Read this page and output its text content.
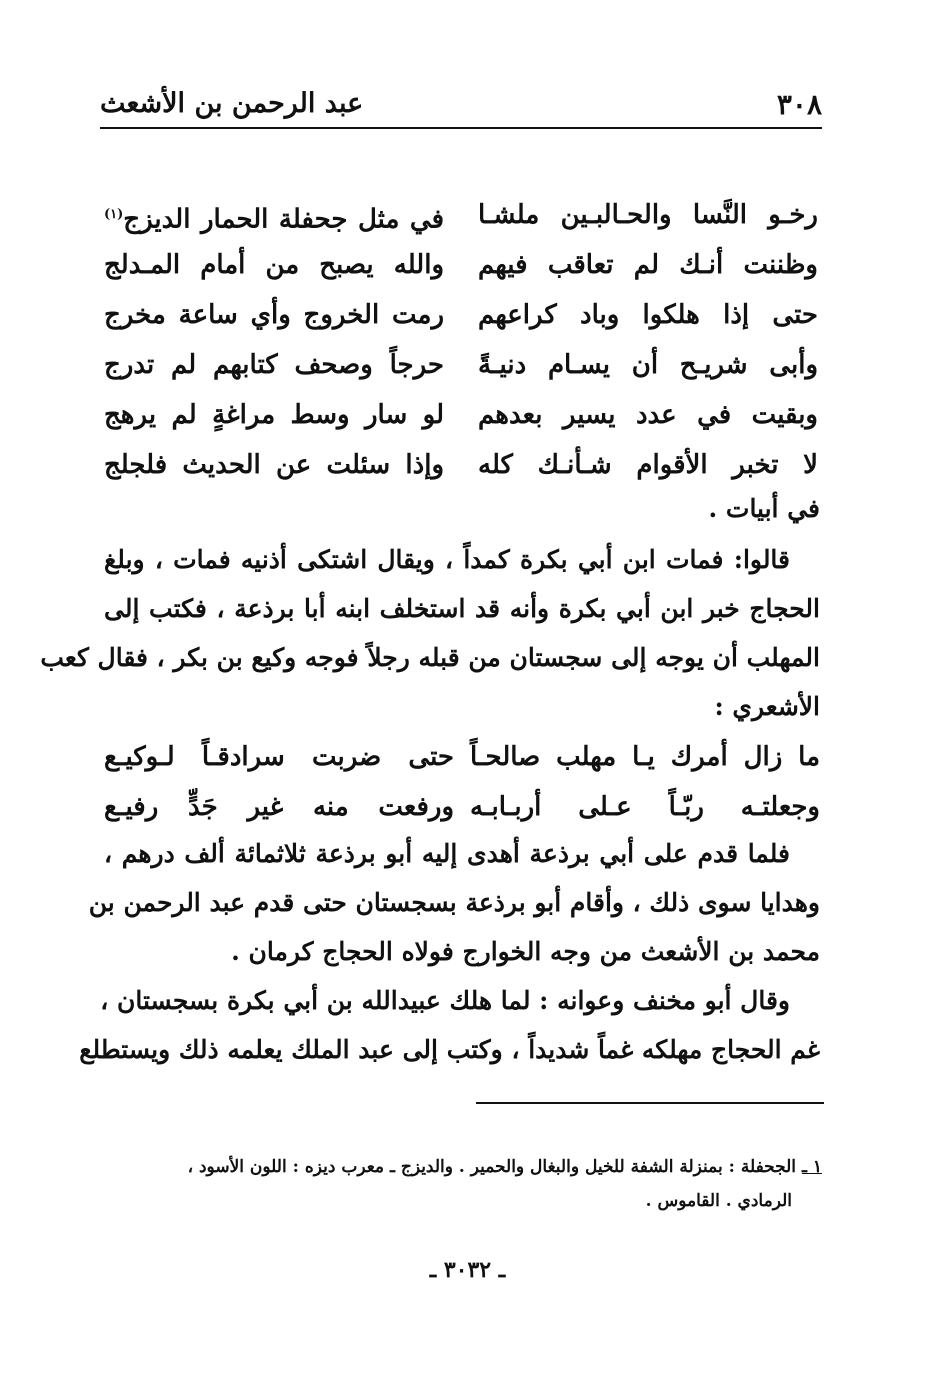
٣٠٨
عبد الرحمن بن الأشعث
رخـو النَّسا والحـالبـين ملشـا
في مثل جحفلة الحمار الديزج$^{(١)}$
وظننت أنـك لم تعاقب فيهم
والله يصبح من أمام المـدلج
حتى إذا هلكوا وباد كراعهم
رمت الخروج وأي ساعة مخرج
وأبى شريـح أن يسـام دنيـةً
حرجاً وصحف كتابهم لم تدرج
وبقيت في عدد يسير بعدهم
لو سار وسط مراغةٍ لم يرهج
لا تخبر الأقوام شـأنـك كله
وإذا سئلت عن الحديث فلجلج
في أبيات .
قالوا: فمات ابن أبي بكرة كمداً ، ويقال اشتكى أذنيه فمات ، وبلغ
الحجاج خبر ابن أبي بكرة وأنه قد استخلف ابنه أبا برذعة ، فكتب إلى
المهلب أن يوجه إلى سجستان من قبله رجلاً فوجه وكيع بن بكر ، فقال كعب
الأشعري :
ما زال أمرك يـا مهلب صالحـاً
حتى ضربت سرادقـاً لـوكيـع
وجعلتـه ربّـاً عـلى أربـابـه
ورفعت منه غير جَدٍّ رفيـع
فلما قدم على أبي برذعة أهدى إليه أبو برذعة ثلاثمائة ألف درهم ،
وهدايا سوى ذلك ، وأقام أبو برذعة بسجستان حتى قدم عبد الرحمن بن
محمد بن الأشعث من وجه الخوارج فولاه الحجاج كرمان .
وقال أبو مخنف وعوانه : لما هلك عبيدالله بن أبي بكرة بسجستان ،
غم الحجاج مهلكه غماً شديداً ، وكتب إلى عبد الملك يعلمه ذلك ويستطلع
١ ـ الجحفلة : بمنزلة الشفة للخيل والبغال والحمير . والديزج ـ معرب ديزه : اللون الأسود ،
الرمادي . القاموس .
ـ ٣٠٣٢ ـ
